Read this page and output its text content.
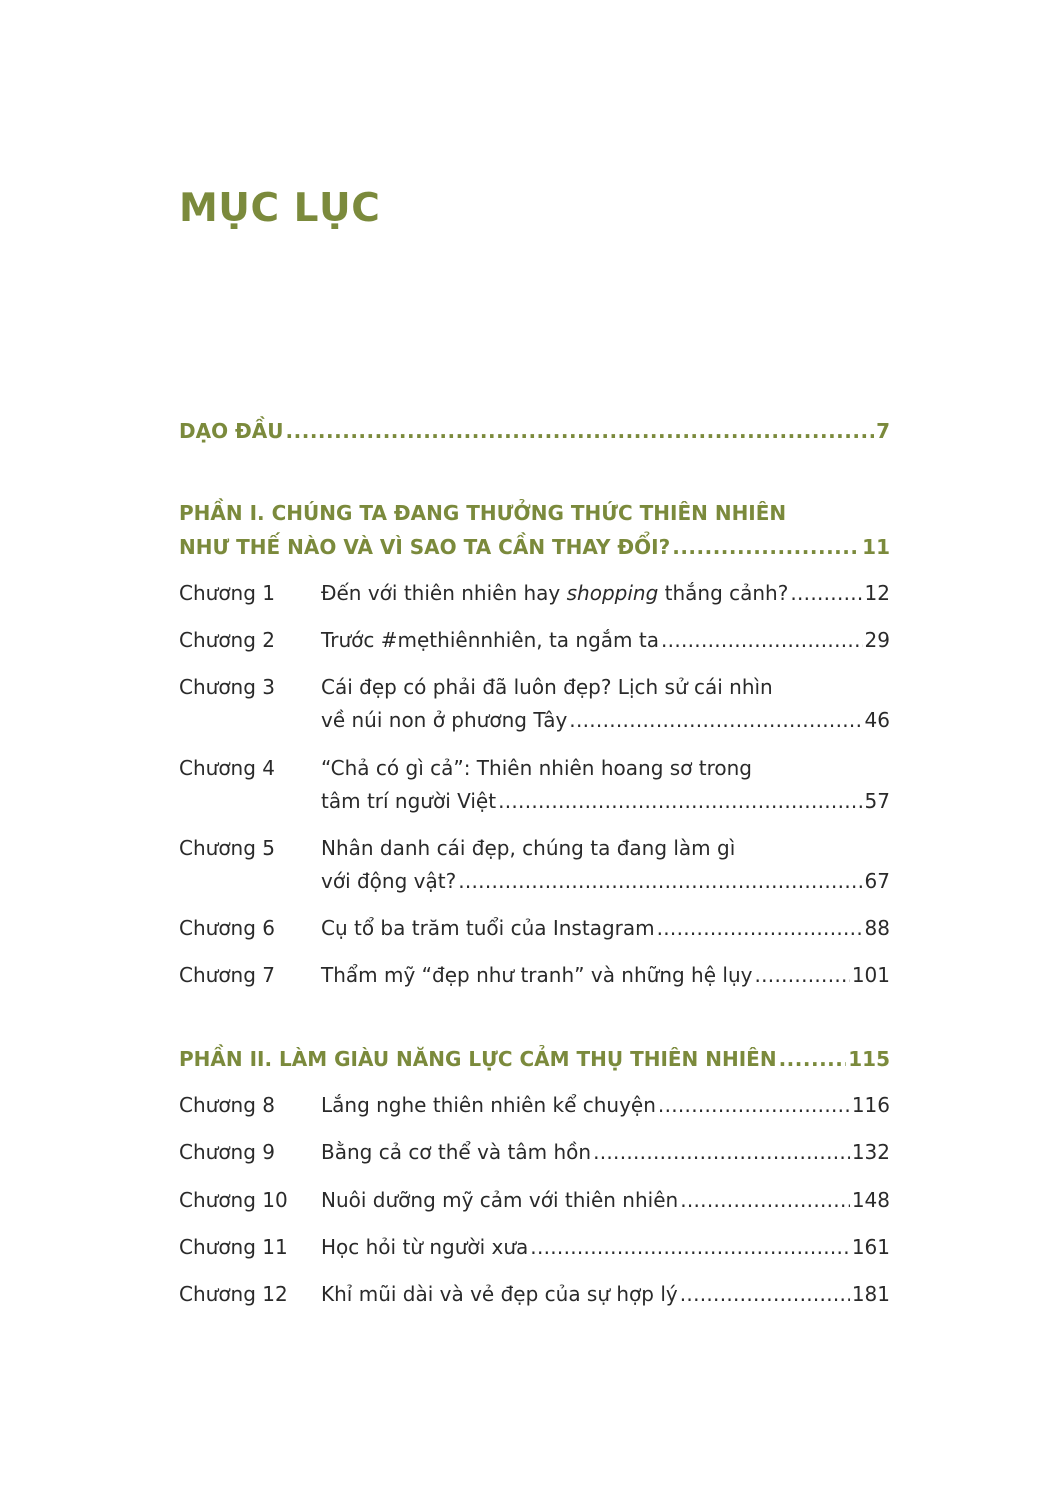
MỤC LỤC
DẠO ĐẦU .....	7
PHẦN I. CHÚNG TA ĐANG THƯỞNG THỨC THIÊN NHIÊN
NHƯ THẾ NÀO VÀ VÌ SAO TA CẦN THAY ĐỔI? .....	11
Chương 1	Đến với thiên nhiên hay shopping thắng cảnh? .....	12
Chương 2	Trước #mẹthiênnhiên, ta ngắm ta .....	29
Chương 3	Cái đẹp có phải đã luôn đẹp? Lịch sử cái nhìn
về núi non ở phương Tây .....	46
Chương 4	“Chả có gì cả”: Thiên nhiên hoang sơ trong
tâm trí người Việt .....	57
Chương 5	Nhân danh cái đẹp, chúng ta đang làm gì
với động vật? .....	67
Chương 6	Cụ tổ ba trăm tuổi của Instagram .....	88
Chương 7	Thẩm mỹ “đẹp như tranh” và những hệ lụy .....	101
PHẦN II. LÀM GIÀU NĂNG LỰC CẢM THỤ THIÊN NHIÊN .....	115
Chương 8	Lắng nghe thiên nhiên kể chuyện .....	116
Chương 9	Bằng cả cơ thể và tâm hồn .....	132
Chương 10	Nuôi dưỡng mỹ cảm với thiên nhiên .....	148
Chương 11	Học hỏi từ người xưa .....	161
Chương 12	Khỉ mũi dài và vẻ đẹp của sự hợp lý .....	181
